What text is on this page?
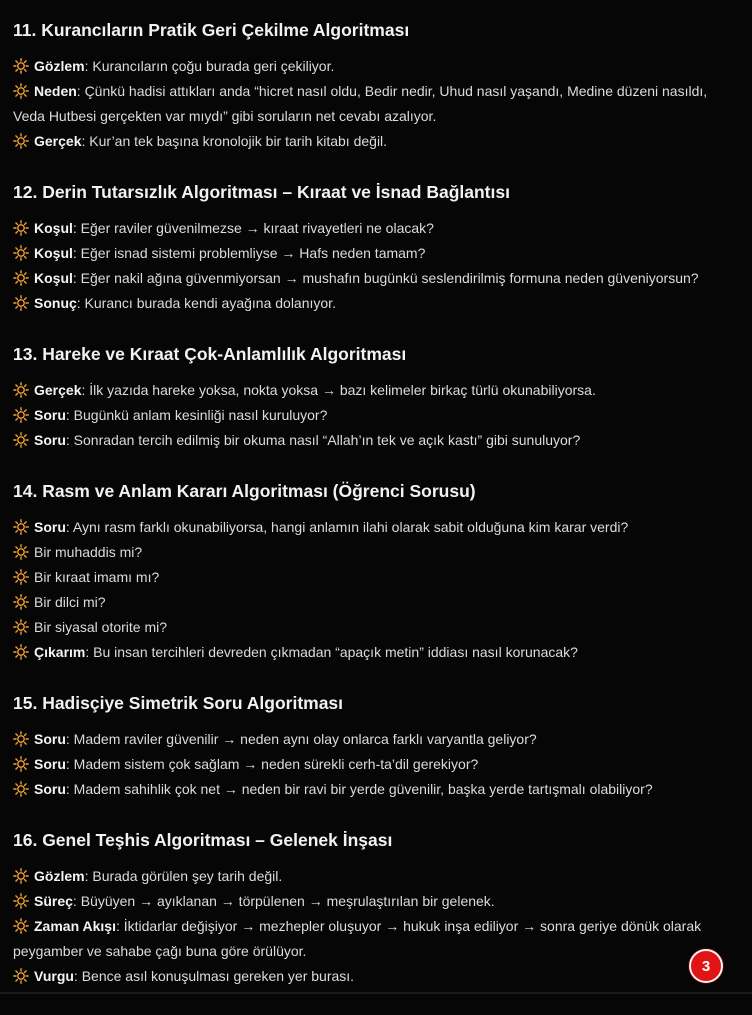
11. Kurancıların Pratik Geri Çekilme Algoritması
Gözlem: Kurancıların çoğu burada geri çekiliyor.
Neden: Çünkü hadisi attıkları anda “hicret nasıl oldu, Bedir nedir, Uhud nasıl yaşandı, Medine düzeni nasıldı, Veda Hutbesi gerçekten var mıydı” gibi soruların net cevabı azalıyor.
Gerçek: Kur’an tek başına kronolojik bir tarih kitabı değil.
12. Derin Tutarsızlık Algoritması – Kıraat ve İsnad Bağlantısı
Koşul: Eğer raviler güvenilmezse → kıraat rivayetleri ne olacak?
Koşul: Eğer isnad sistemi problemliyse → Hafs neden tamam?
Koşul: Eğer nakil ağına güvenmiyorsan → mushafın bugünkü seslendirilmiş formuna neden güveniyorsun?
Sonuç: Kurancı burada kendi ayağına dolanıyor.
13. Hareke ve Kıraat Çok-Anlamlılık Algoritması
Gerçek: İlk yazıda hareke yoksa, nokta yoksa → bazı kelimeler birkaç türlü okunabiliyorsa.
Soru: Bugünkü anlam kesinliği nasıl kuruluyor?
Soru: Sonradan tercih edilmiş bir okuma nasıl “Allah’ın tek ve açık kastı” gibi sunuluyor?
14. Rasm ve Anlam Kararı Algoritması (Öğrenci Sorusu)
Soru: Aynı rasm farklı okunabiliyorsa, hangi anlamın ilahi olarak sabit olduğuna kim karar verdi?
Bir muhaddis mi?
Bir kıraat imamı mı?
Bir dilci mi?
Bir siyasal otorite mi?
Çıkarım: Bu insan tercihleri devreden çıkmadan “apaçık metin” iddiası nasıl korunacak?
15. Hadisçiye Simetrik Soru Algoritması
Soru: Madem raviler güvenilir → neden aynı olay onlarca farklı varyantla geliyor?
Soru: Madem sistem çok sağlam → neden sürekli cerh-ta’dil gerekiyor?
Soru: Madem sahihlik çok net → neden bir ravi bir yerde güvenilir, başka yerde tartışmalı olabiliyor?
16. Genel Teşhis Algoritması – Gelenek İnşası
Gözlem: Burada görülen şey tarih değil.
Süreç: Büyüyen → ayıklanan → törpülenen → meşrulaştırılan bir gelenek.
Zaman Akışı: İktidarlar değişiyor → mezhepler oluşuyor → hukuk inşa ediliyor → sonra geriye dönük olarak peygamber ve sahabe çağı buna göre örülüyor.
Vurgu: Bence asıl konuşulması gereken yer burası.
3
